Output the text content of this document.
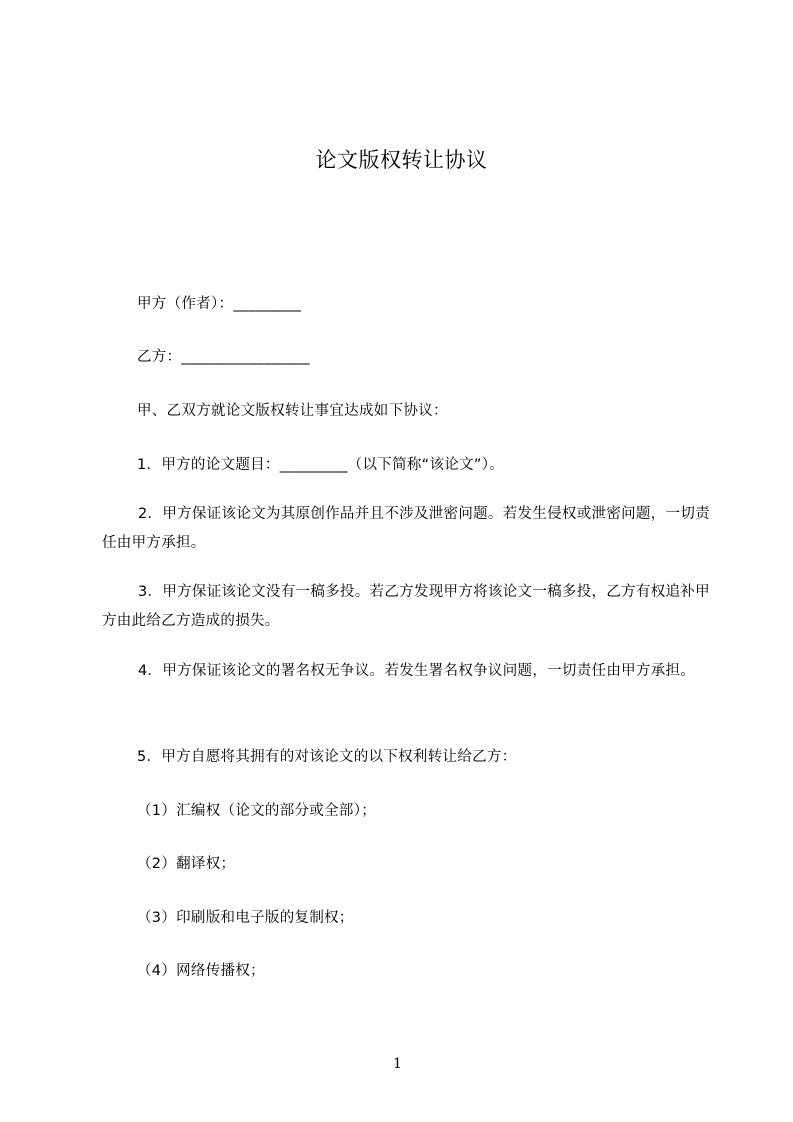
论文版权转让协议
甲方（作者）：_________
乙方：_________________
甲、乙双方就论文版权转让事宜达成如下协议：
1．甲方的论文题目：_________（以下简称“该论文”）。
2．甲方保证该论文为其原创作品并且不涉及泄密问题。若发生侵权或泄密问题，一切责任由甲方承担。
3．甲方保证该论文没有一稿多投。若乙方发现甲方将该论文一稿多投，乙方有权追补甲方由此给乙方造成的损失。
4．甲方保证该论文的署名权无争议。若发生署名权争议问题，一切责任由甲方承担。
5．甲方自愿将其拥有的对该论文的以下权利转让给乙方：
（1）汇编权（论文的部分或全部）；
（2）翻译权；
（3）印刷版和电子版的复制权；
（4）网络传播权；
1
